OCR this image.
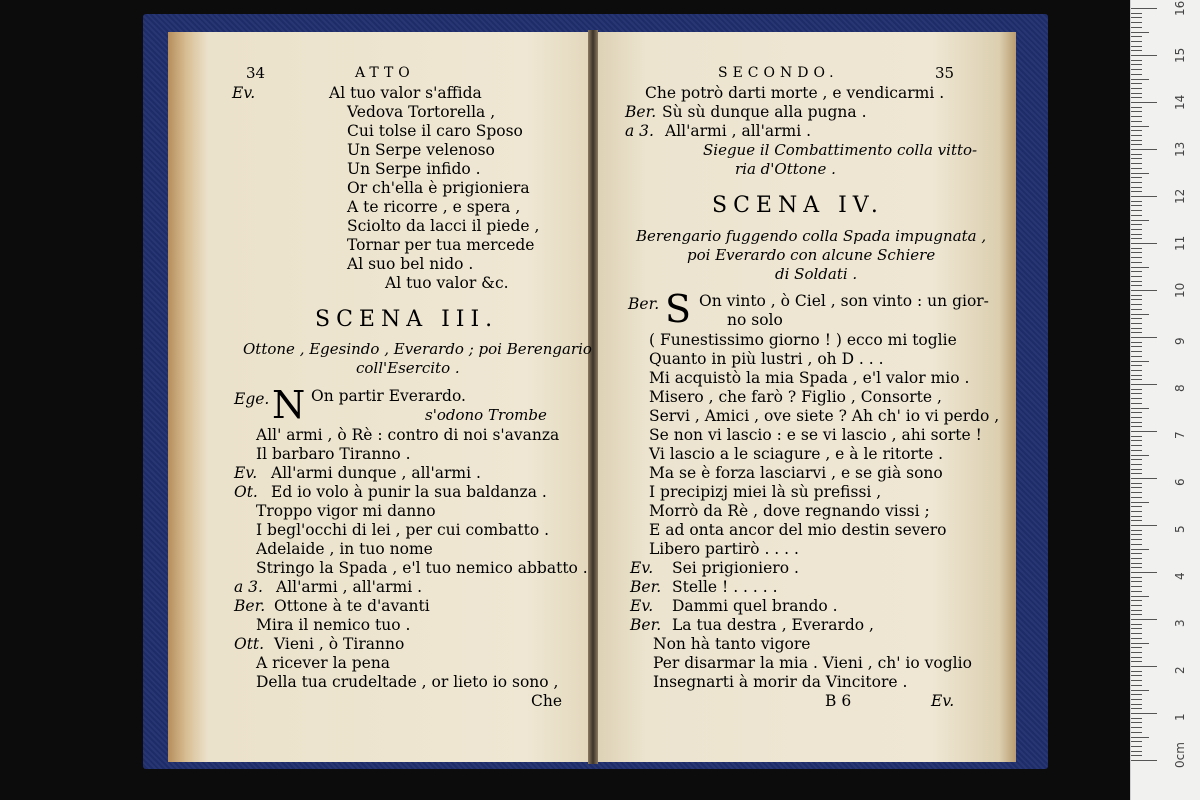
34	ATTO
Ev.	Al tuo valor s'affida
Vedova Tortorella ,
Cui tolse il caro Sposo
Un Serpe velenoso
Un Serpe infido .
Or ch'ella è prigioniera
A te ricorre , e spera ,
Sciolto da lacci il piede ,
Tornar per tua mercede
Al suo bel nido .
Al tuo valor &c.
SCENA III.
Ottone , Egesindo , Everardo ; poi Berengario
coll'Esercito .
Ege. N On partir Everardo.
s'odono Trombe
All' armi , ò Rè : contro di noi s'avanza
Il barbaro Tiranno .
Ev. All'armi dunque , all'armi .
Ot. Ed io volo à punir la sua baldanza .
Troppo vigor mi danno
I begl'occhi di lei , per cui combatto .
Adelaide , in tuo nome
Stringo la Spada , e'l tuo nemico abbatto .
a 3. All'armi , all'armi .
Ber. Ottone à te d'avanti
Mira il nemico tuo .
Ott. Vieni , ò Tiranno
A ricever la pena
Della tua crudeltade , or lieto io sono ,
Che
SECONDO.	35
Che potrò darti morte , e vendicarmi .
Ber. Sù sù dunque alla pugna .
a 3. All'armi , all'armi .
Siegue il Combattimento colla vitto-
ria d'Ottone .
SCENA IV.
Berengario fuggendo colla Spada impugnata ,
poi Everardo con alcune Schiere
di Soldati .
Ber. S On vinto , ò Ciel , son vinto : un gior-
no solo
( Funestissimo giorno ! ) ecco mi toglie
Quanto in più lustri , oh D . . .
Mi acquistò la mia Spada , e'l valor mio .
Misero , che farò ? Figlio , Consorte ,
Servi , Amici , ove siete ? Ah ch' io vi perdo ,
Se non vi lascio : e se vi lascio , ahi sorte !
Vi lascio a le sciagure , e à le ritorte .
Ma se è forza lasciarvi , e se già sono
I precipizj miei là sù prefissi ,
Morrò da Rè , dove regnando vissi ;
E ad onta ancor del mio destin severo
Libero partirò . . . .
Ev. Sei prigioniero .
Ber. Stelle ! . . . . .
Ev. Dammi quel brando .
Ber. La tua destra , Everardo ,
Non hà tanto vigore
Per disarmar la mia . Vieni , ch' io voglio
Insegnarti à morir da Vincitore .
B 6	Ev.
16
15
14
13
12
11
10
9
8
7
6
5
4
3
2
1
0cm
